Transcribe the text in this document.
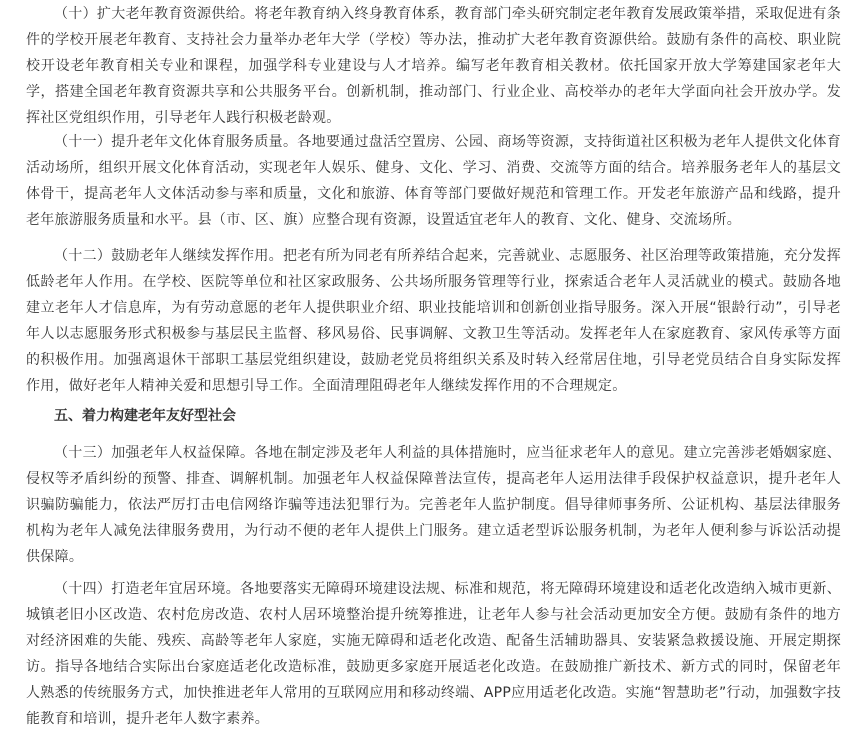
（十）扩大老年教育资源供给。将老年教育纳入终身教育体系，教育部门牵头研究制定老年教育发展政策举措，采取促进有条件的学校开展老年教育、支持社会力量举办老年大学（学校）等办法，推动扩大老年教育资源供给。鼓励有条件的高校、职业院校开设老年教育相关专业和课程，加强学科专业建设与人才培养。编写老年教育相关教材。依托国家开放大学筹建国家老年大学，搭建全国老年教育资源共享和公共服务平台。创新机制，推动部门、行业企业、高校举办的老年大学面向社会开放办学。发挥社区党组织作用，引导老年人践行积极老龄观。

（十一）提升老年文化体育服务质量。各地要通过盘活空置房、公园、商场等资源，支持街道社区积极为老年人提供文化体育活动场所，组织开展文化体育活动，实现老年人娱乐、健身、文化、学习、消费、交流等方面的结合。培养服务老年人的基层文体骨干，提高老年人文体活动参与率和质量，文化和旅游、体育等部门要做好规范和管理工作。开发老年旅游产品和线路，提升老年旅游服务质量和水平。县（市、区、旗）应整合现有资源，设置适宜老年人的教育、文化、健身、交流场所。

（十二）鼓励老年人继续发挥作用。把老有所为同老有所养结合起来，完善就业、志愿服务、社区治理等政策措施，充分发挥低龄老年人作用。在学校、医院等单位和社区家政服务、公共场所服务管理等行业，探索适合老年人灵活就业的模式。鼓励各地建立老年人才信息库，为有劳动意愿的老年人提供职业介绍、职业技能培训和创新创业指导服务。深入开展“银龄行动”，引导老年人以志愿服务形式积极参与基层民主监督、移风易俗、民事调解、文教卫生等活动。发挥老年人在家庭教育、家风传承等方面的积极作用。加强离退休干部职工基层党组织建设，鼓励老党员将组织关系及时转入经常居住地，引导老党员结合自身实际发挥作用，做好老年人精神关爱和思想引导工作。全面清理阻碍老年人继续发挥作用的不合理规定。

五、着力构建老年友好型社会

（十三）加强老年人权益保障。各地在制定涉及老年人利益的具体措施时，应当征求老年人的意见。建立完善涉老婚姻家庭、侵权等矛盾纠纷的预警、排查、调解机制。加强老年人权益保障普法宣传，提高老年人运用法律手段保护权益意识，提升老年人识骗防骗能力，依法严厉打击电信网络诈骗等违法犯罪行为。完善老年人监护制度。倡导律师事务所、公证机构、基层法律服务机构为老年人减免法律服务费用，为行动不便的老年人提供上门服务。建立适老型诉讼服务机制，为老年人便利参与诉讼活动提供保障。

（十四）打造老年宜居环境。各地要落实无障碍环境建设法规、标准和规范，将无障碍环境建设和适老化改造纳入城市更新、城镇老旧小区改造、农村危房改造、农村人居环境整治提升统筹推进，让老年人参与社会活动更加安全方便。鼓励有条件的地方对经济困难的失能、残疾、高龄等老年人家庭，实施无障碍和适老化改造、配备生活辅助器具、安装紧急救援设施、开展定期探访。指导各地结合实际出台家庭适老化改造标准，鼓励更多家庭开展适老化改造。在鼓励推广新技术、新方式的同时，保留老年人熟悉的传统服务方式，加快推进老年人常用的互联网应用和移动终端、APP应用适老化改造。实施“智慧助老”行动，加强数字技能教育和培训，提升老年人数字素养。
